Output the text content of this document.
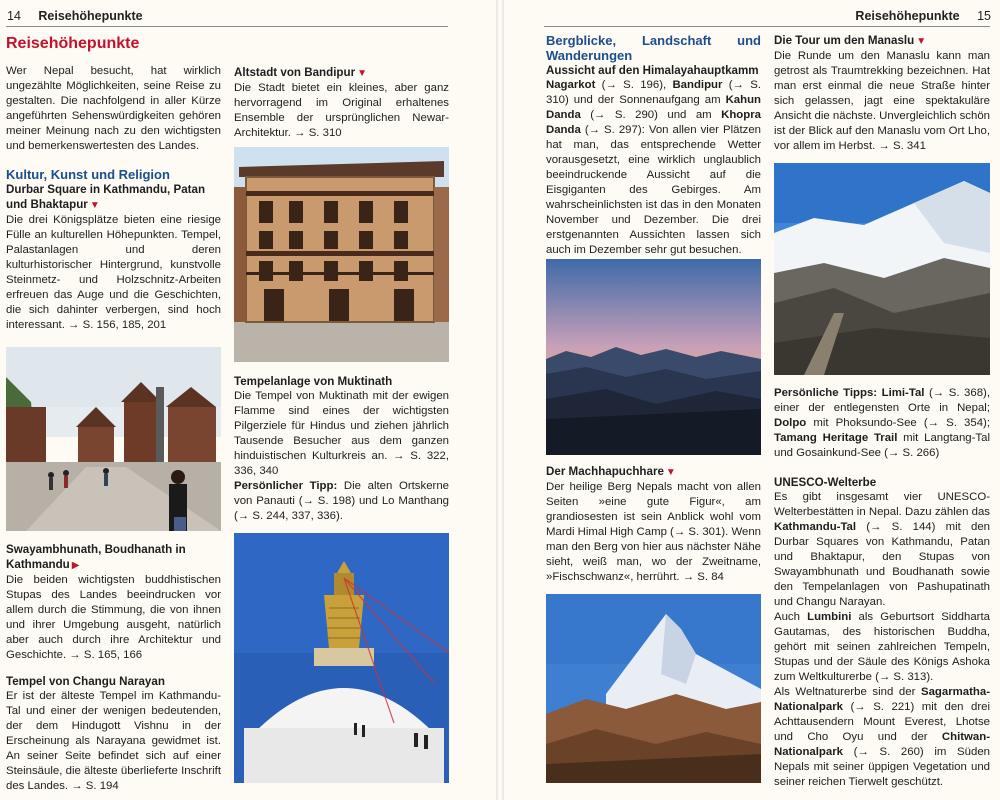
14 Reisehöhepunkte
Reisehöhepunkte

Wer Nepal besucht, hat wirklich ungezählte Möglichkeiten, seine Reise zu gestalten. Die nachfolgend in aller Kürze angeführten Sehenswürdigkeiten gehören meiner Meinung nach zu den wichtigsten und bemerkenswertesten des Landes.

Kultur, Kunst und Religion
Durbar Square in Kathmandu, Patan und Bhaktapur ▼

Die drei Königsplätze bieten eine riesige Fülle an kulturellen Höhepunkten. Tempel, Palastanlagen und deren kulturhistorischer Hintergrund, kunstvolle Steinmetz- und Holzschnitz-Arbeiten erfreuen das Auge und die Geschichten, die sich dahinter verbergen, sind hoch interessant. → S. 156, 185, 201

Swayambhunath, Boudhanath in Kathmandu ▶

Die beiden wichtigsten buddhistischen Stupas des Landes beeindrucken vor allem durch die Stimmung, die von ihnen und ihrer Umgebung ausgeht, natürlich aber auch durch ihre Architektur und Geschichte. → S. 165, 166

Tempel von Changu Narayan

Er ist der älteste Tempel im Kathmandu-Tal und einer der wenigen bedeutenden, der dem Hindugott Vishnu in der Erscheinung als Narayana gewidmet ist. An seiner Seite befindet sich auf einer Steinsäule, die älteste überlieferte Inschrift des Landes. → S. 194

Altstadt von Bandipur ▼

Die Stadt bietet ein kleines, aber ganz hervorragend im Original erhaltenes Ensemble der ursprünglichen Newar-Architektur. → S. 310

Tempelanlage von Muktinath

Die Tempel von Muktinath mit der ewigen Flamme sind eines der wichtigsten Pilgerziele für Hindus und ziehen jährlich Tausende Besucher aus dem ganzen hinduistischen Kulturkreis an. → S. 322, 336, 340

Persönlicher Tipp: Die alten Ortskerne von Panauti (→ S. 198) und Lo Manthang (→ S. 244, 337, 336).

Reisehöhepunkte 15
Bergblicke, Landschaft und Wanderungen
Aussicht auf den Himalayahauptkamm

Nagarkot (→ S. 196), Bandipur (→ S. 310) und der Sonnenaufgang am Kahun Danda (→ S. 290) und am Khopra Danda (→ S. 297): Von allen vier Plätzen hat man, das entsprechende Wetter vorausgesetzt, eine wirklich unglaublich beeindruckende Aussicht auf die Eisgiganten des Gebirges. Am wahrscheinlichsten ist das in den Monaten November und Dezember. Die drei erstgenannten Aussichten lassen sich auch im Dezember sehr gut besuchen.

Der Machhapuchhare ▼

Der heilige Berg Nepals macht von allen Seiten »eine gute Figur«, am grandiosesten ist sein Anblick wohl vom Mardi Himal High Camp (→ S. 301). Wenn man den Berg von hier aus nächster Nähe sieht, weiß man, wo der Zweitname, »Fischschwanz«, herrührt. → S. 84

Die Tour um den Manaslu ▼

Die Runde um den Manaslu kann man getrost als Traumtrekking bezeichnen. Hat man erst einmal die neue Straße hinter sich gelassen, jagt eine spektakuläre Ansicht die nächste. Unvergleichlich schön ist der Blick auf den Manaslu vom Ort Lho, vor allem im Herbst. → S. 341

Persönliche Tipps: Limi-Tal (→ S. 368), einer der entlegensten Orte in Nepal; Dolpo mit Phoksundo-See (→ S. 354); Tamang Heritage Trail mit Langtang-Tal und Gosainkund-See (→ S. 266)

UNESCO-Welterbe

Es gibt insgesamt vier UNESCO-Welterbestätten in Nepal. Dazu zählen das Kathmandu-Tal (→ S. 144) mit den Durbar Squares von Kathmandu, Patan und Bhaktapur, den Stupas von Swayambhunath und Boudhanath sowie den Tempelanlagen von Pashupatinath und Changu Narayan.

Auch Lumbini als Geburtsort Siddharta Gautamas, des historischen Buddha, gehört mit seinen zahlreichen Tempeln, Stupas und der Säule des Königs Ashoka zum Weltkulturerbe (→ S. 313).

Als Weltnaturerbe sind der Sagarmatha-Nationalpark (→ S. 221) mit den drei Achttausendern Mount Everest, Lhotse und Cho Oyu und der Chitwan-Nationalpark (→ S. 260) im Süden Nepals mit seiner üppigen Vegetation und seiner reichen Tierwelt geschützt.
